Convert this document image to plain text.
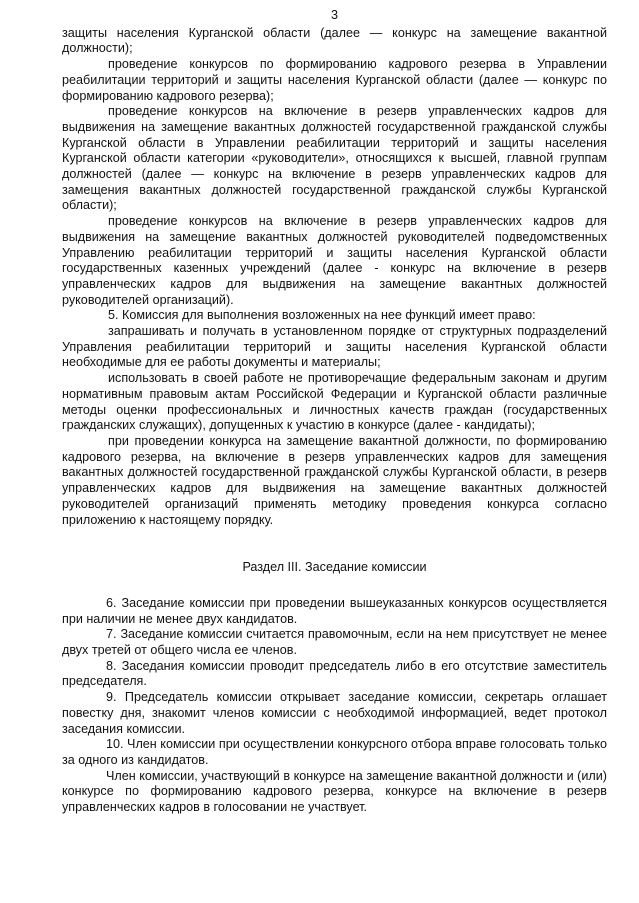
3

защиты населения Курганской области (далее — конкурс на замещение вакантной должности);

проведение конкурсов по формированию кадрового резерва в Управлении реабилитации территорий и защиты населения Курганской области (далее — конкурс по формированию кадрового резерва);

проведение конкурсов на включение в резерв управленческих кадров для выдвижения на замещение вакантных должностей государственной гражданской службы Курганской области в Управлении реабилитации территорий и защиты населения Курганской области категории «руководители», относящихся к высшей, главной группам должностей (далее — конкурс на включение в резерв управленческих кадров для замещения вакантных должностей государственной гражданской службы Курганской области);

проведение конкурсов на включение в резерв управленческих кадров для выдвижения на замещение вакантных должностей руководителей подведомственных Управлению реабилитации территорий и защиты населения Курганской области государственных казенных учреждений (далее - конкурс на включение в резерв управленческих кадров для выдвижения на замещение вакантных должностей руководителей организаций).

5. Комиссия для выполнения возложенных на нее функций имеет право:

запрашивать и получать в установленном порядке от структурных подразделений Управления реабилитации территорий и защиты населения Курганской области необходимые для ее работы документы и материалы;

использовать в своей работе не противоречащие федеральным законам и другим нормативным правовым актам Российской Федерации и Курганской области различные методы оценки профессиональных и личностных качеств граждан (государственных гражданских служащих), допущенных к участию в конкурсе (далее - кандидаты);

при проведении конкурса на замещение вакантной должности, по формированию кадрового резерва, на включение в резерв управленческих кадров для замещения вакантных должностей государственной гражданской службы Курганской области, в резерв управленческих кадров для выдвижения на замещение вакантных должностей руководителей организаций применять методику проведения конкурса согласно приложению к настоящему порядку.

Раздел III. Заседание комиссии

6. Заседание комиссии при проведении вышеуказанных конкурсов осуществляется при наличии не менее двух кандидатов.

7. Заседание комиссии считается правомочным, если на нем присутствует не менее двух третей от общего числа ее членов.

8. Заседания комиссии проводит председатель либо в его отсутствие заместитель председателя.

9. Председатель комиссии открывает заседание комиссии, секретарь оглашает повестку дня, знакомит членов комиссии с необходимой информацией, ведет протокол заседания комиссии.

10. Член комиссии при осуществлении конкурсного отбора вправе голосовать только за одного из кандидатов.

Член комиссии, участвующий в конкурсе на замещение вакантной должности и (или) конкурсе по формированию кадрового резерва, конкурсе на включение в резерв управленческих кадров в голосовании не участвует.
